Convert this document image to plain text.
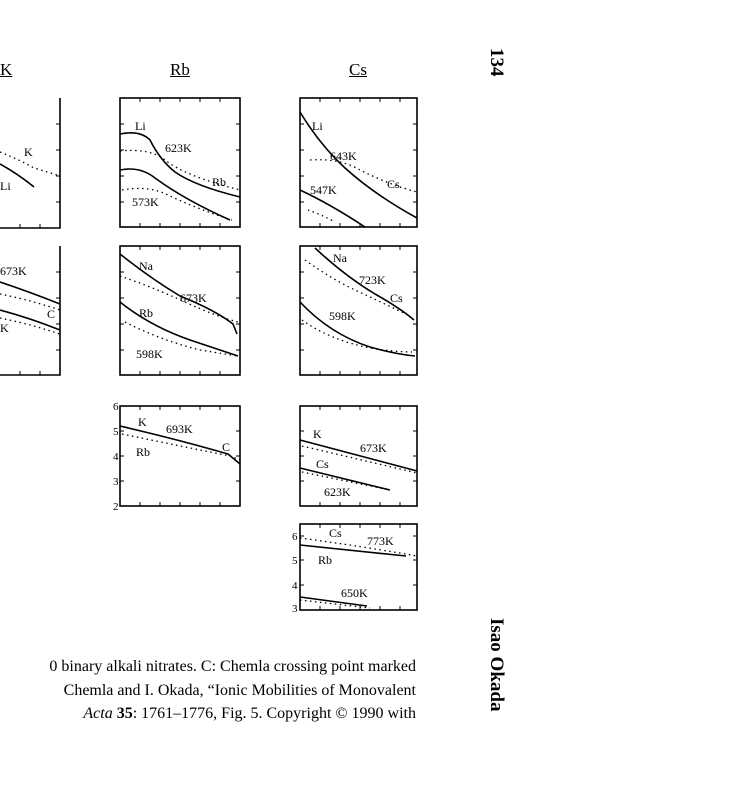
K	Rb	Cs
K
Li
Li
623K
Rb
573K
Li
643K
Cs
547K
673K
C
K
Na
673K
Rb
598K
Na
723K
Cs
598K
6
5
4
3
2
K 693K
C
Rb
K
673K
Cs
623K
6
5
4
3
Cs
773K
Rb
650K
0 binary alkali nitrates. C: Chemla crossing point marked
Chemla and I. Okada, “Ionic Mobilities of Monovalent
Acta 35: 1761–1776, Fig. 5. Copyright © 1990 with
134
Isao Okada
